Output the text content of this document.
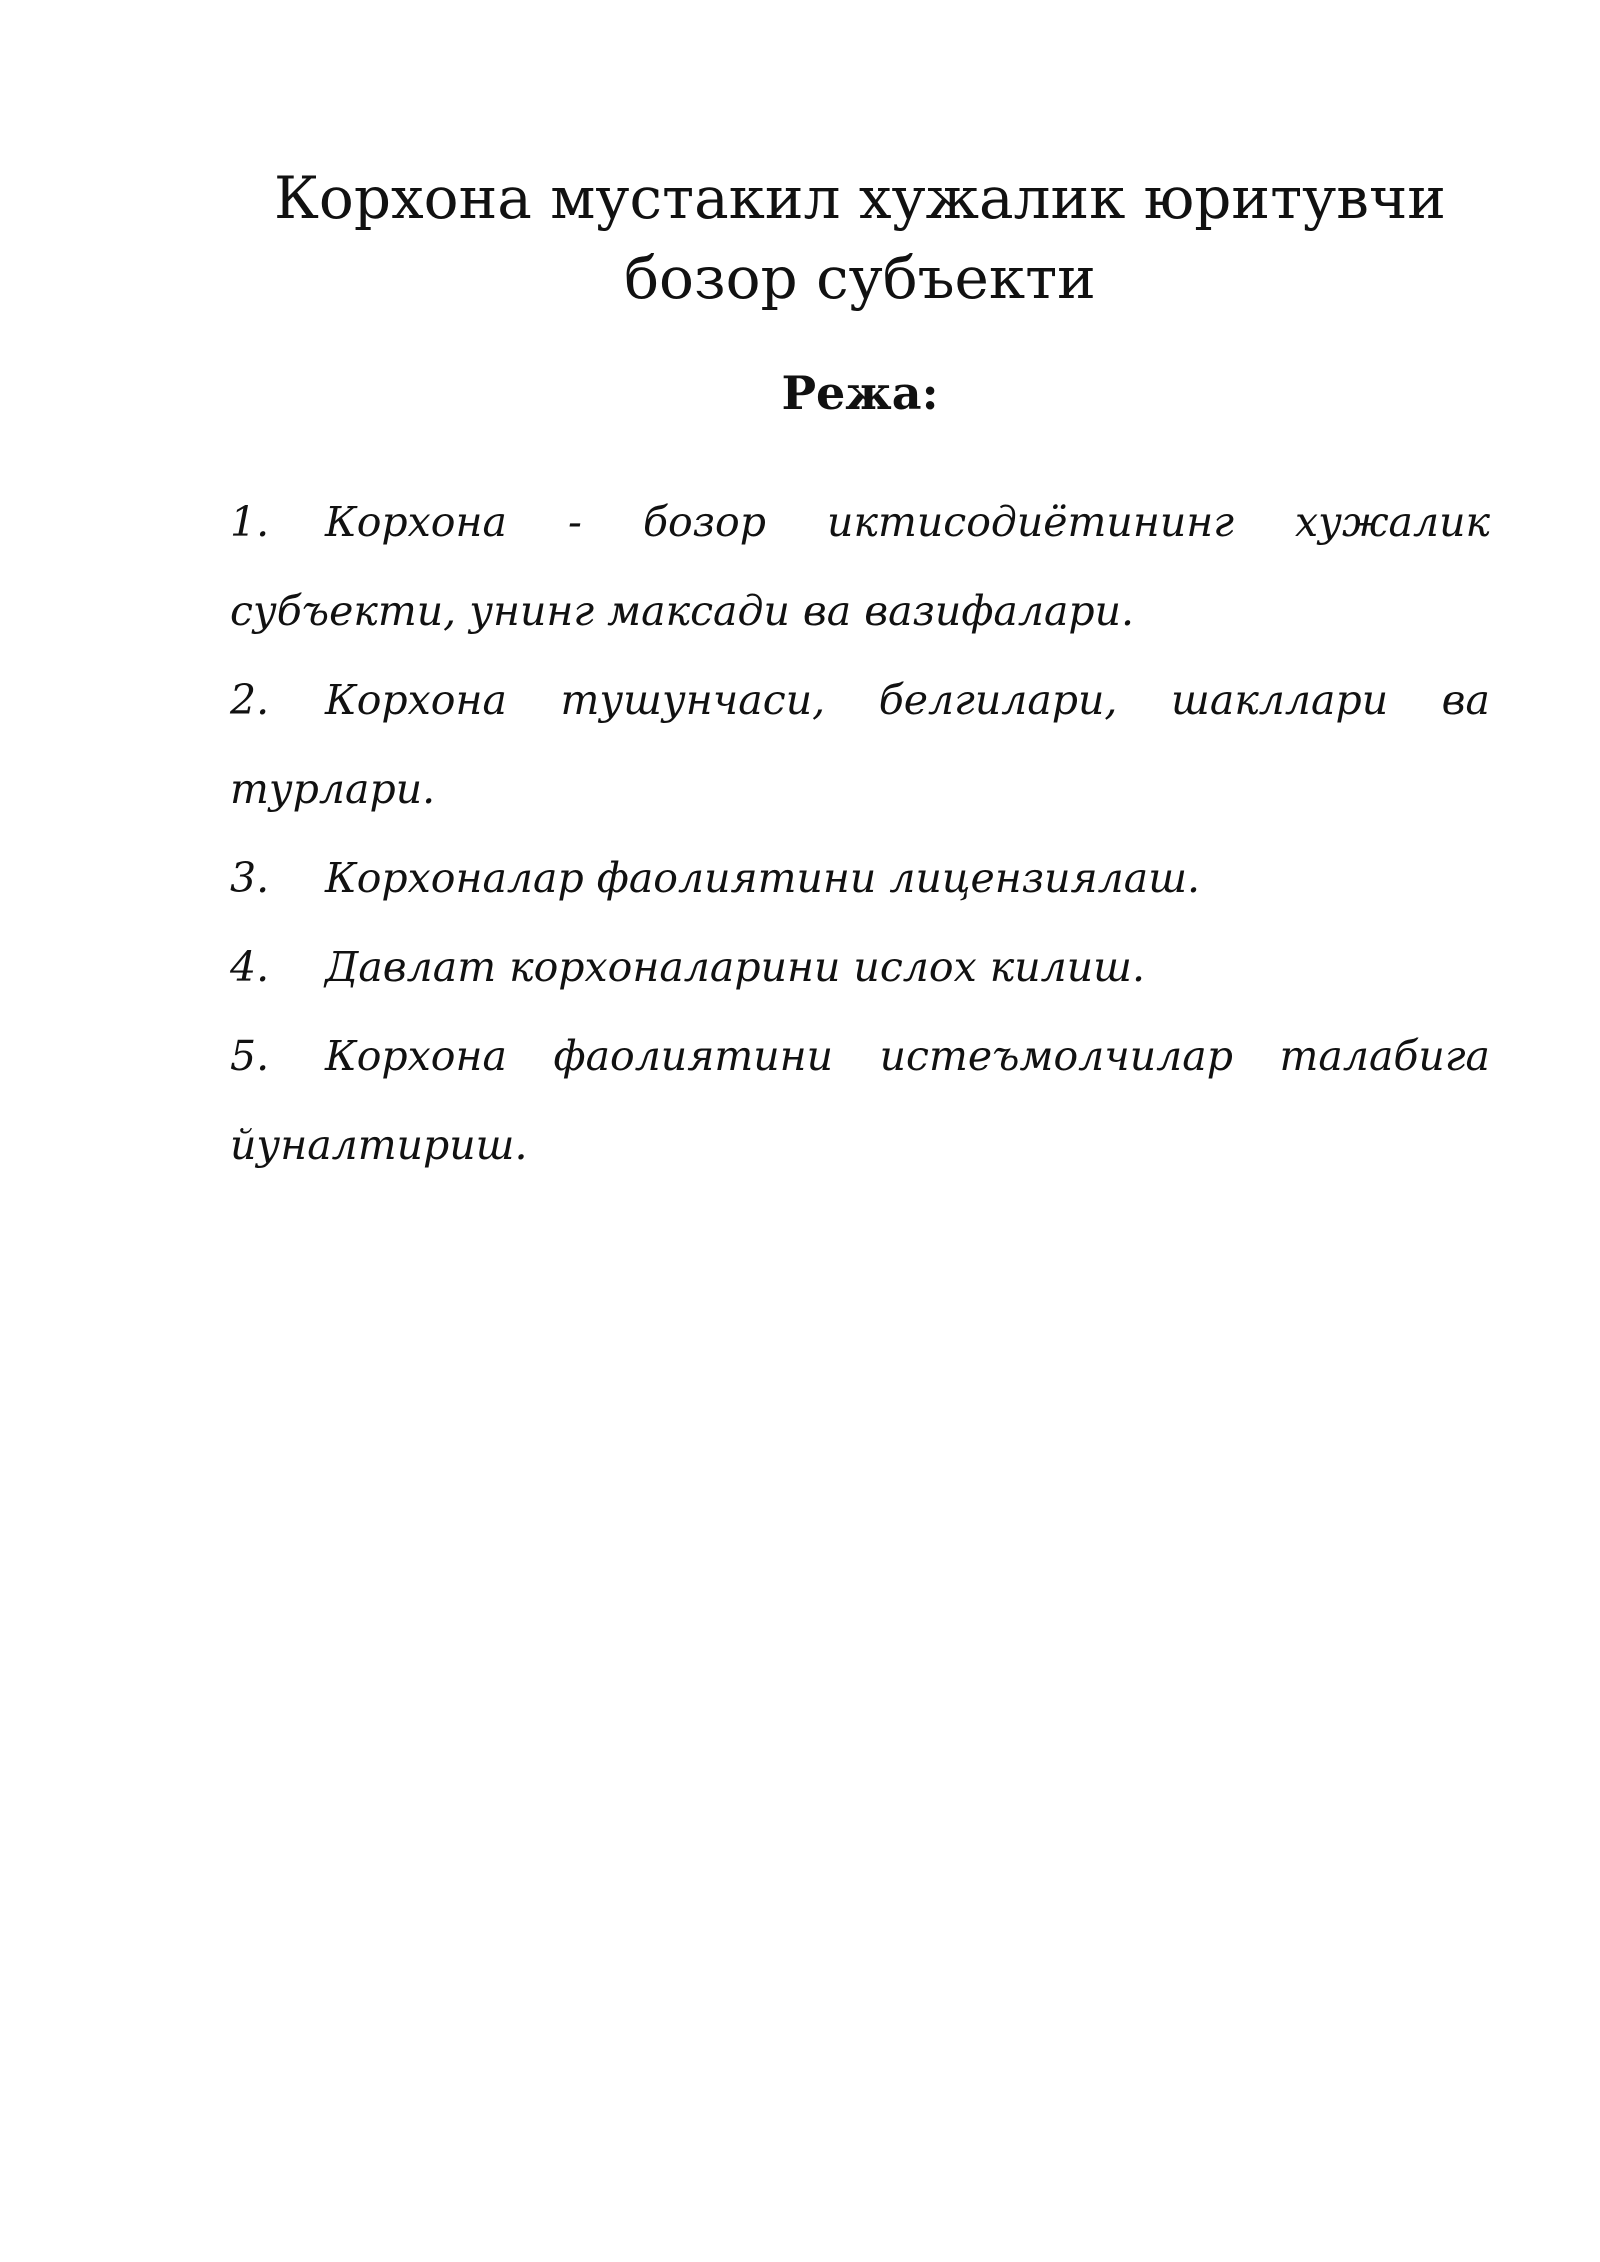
Корхона мустакил хужалик юритувчи
бозор субъекти
Режа:
1. Корхона - бозор иктисодиётининг хужалик субъекти, унинг максади ва вазифалари.
2. Корхона тушунчаси, белгилари, шакллари ва турлари.
3. Корхоналар фаолиятини лицензиялаш.
4. Давлат корхоналарини ислох килиш.
5. Корхона фаолиятини истеъмолчилар талабига йуналтириш.
